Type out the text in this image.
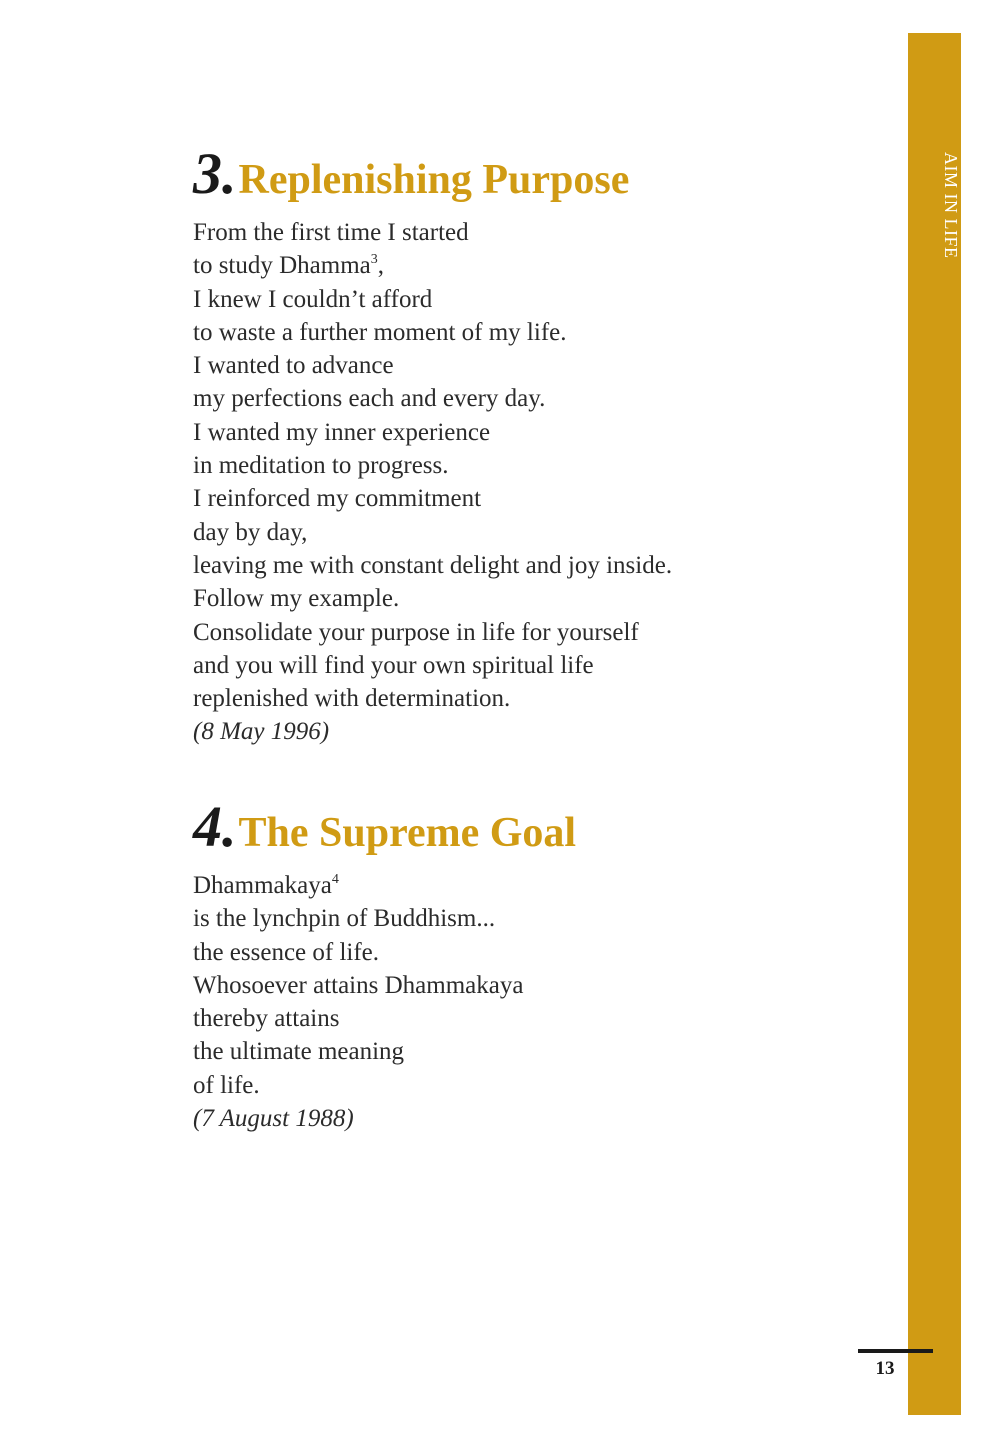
AIM IN LIFE
13
3. Replenishing Purpose
From the first time I started
to study Dhamma$^3$,
I knew I couldn’t afford
to waste a further moment of my life.
I wanted to advance
my perfections each and every day.
I wanted my inner experience
in meditation to progress.
I reinforced my commitment
day by day,
leaving me with constant delight and joy inside.
Follow my example.
Consolidate your purpose in life for yourself
and you will find your own spiritual life
replenished with determination.
(8 May 1996)
4. The Supreme Goal
Dhammakaya$^4$
is the lynchpin of Buddhism...
the essence of life.
Whosoever attains Dhammakaya
thereby attains
the ultimate meaning
of life.
(7 August 1988)
